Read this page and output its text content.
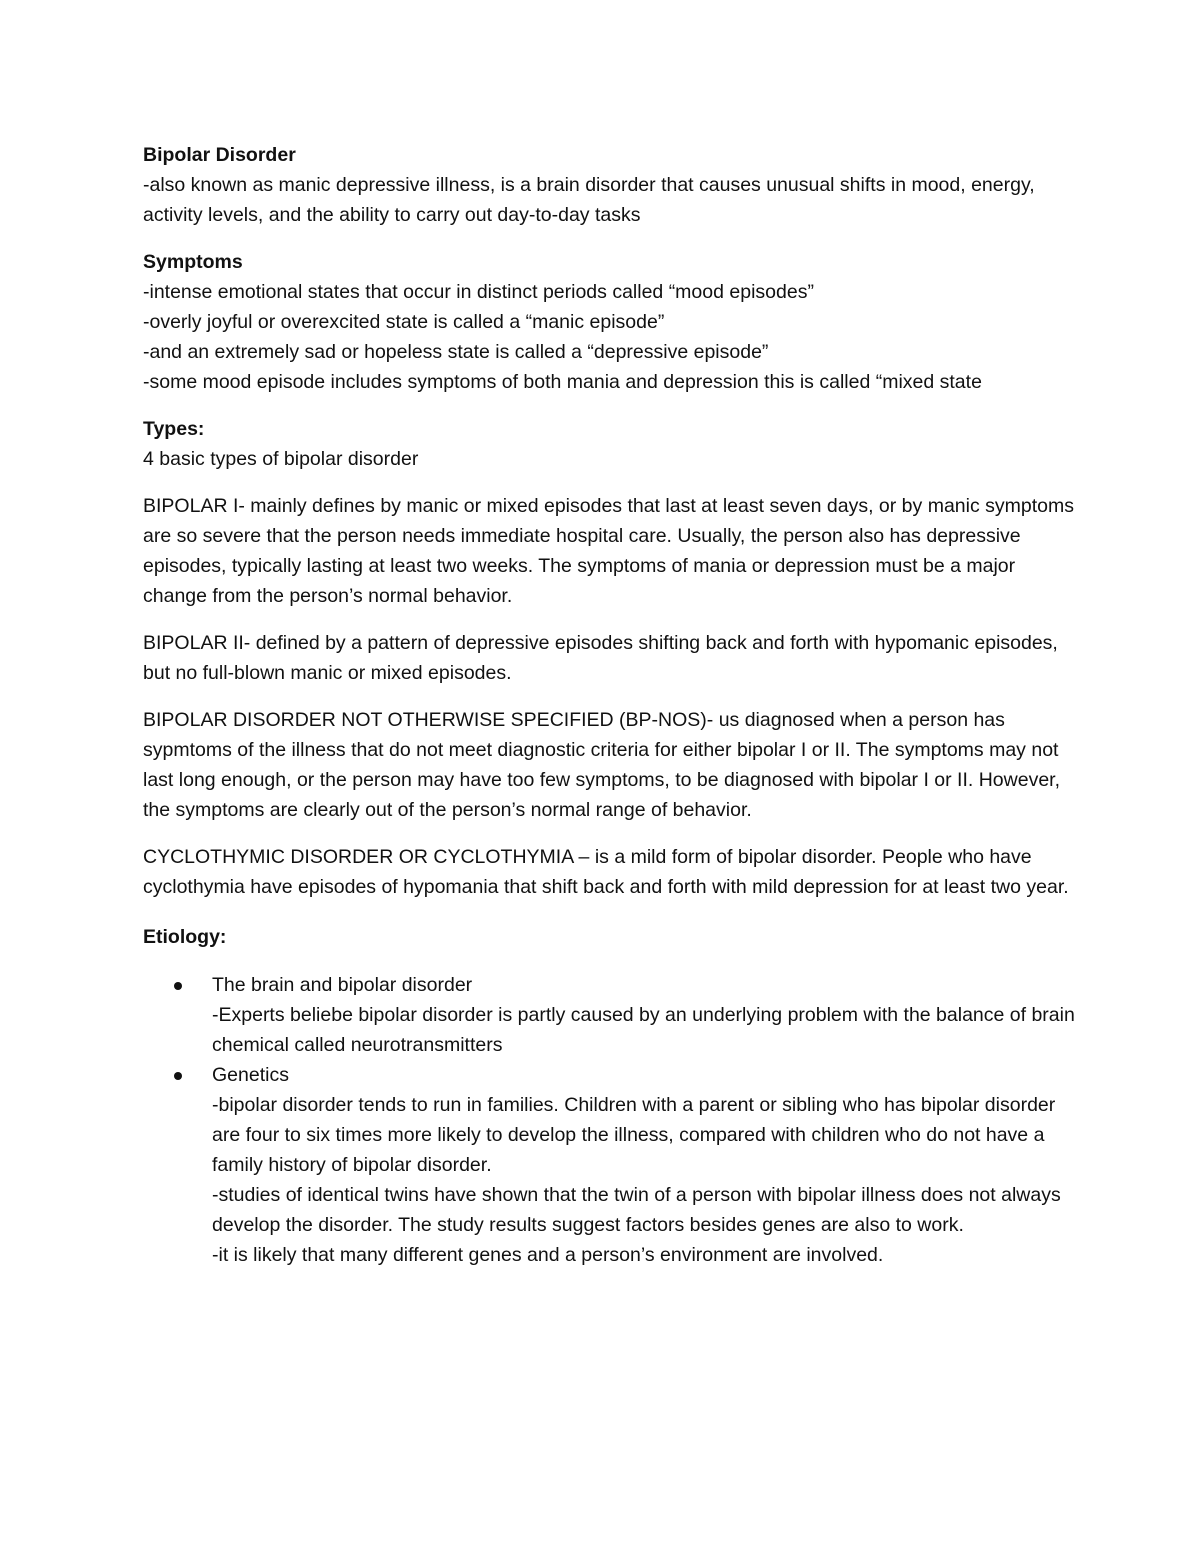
Bipolar Disorder

-also known as manic depressive illness, is a brain disorder that causes unusual shifts in mood, energy, activity levels, and the ability to carry out day-to-day tasks

Symptoms

-intense emotional states that occur in distinct periods called “mood episodes”

-overly joyful or overexcited state is called a “manic episode”

-and an extremely sad or hopeless state is called a “depressive episode”

-some mood episode includes symptoms of both mania and depression this is called “mixed state

Types:

4 basic types of bipolar disorder

BIPOLAR I- mainly defines by manic or mixed episodes that last at least seven days, or by manic symptoms are so severe that the person needs immediate hospital care. Usually, the person also has depressive episodes, typically lasting at least two weeks. The symptoms of mania or depression must be a major change from the person’s normal behavior.

BIPOLAR II- defined by a pattern of depressive episodes shifting back and forth with hypomanic episodes, but no full-blown manic or mixed episodes.

BIPOLAR DISORDER NOT OTHERWISE SPECIFIED (BP-NOS)- us diagnosed when a person has sypmtoms of the illness that do not meet diagnostic criteria for either bipolar I or II. The symptoms may not last long enough, or the person may have too few symptoms, to be diagnosed with bipolar I or II. However, the symptoms are clearly out of the person’s normal range of behavior.

CYCLOTHYMIC DISORDER OR CYCLOTHYMIA – is a mild form of bipolar disorder. People who have cyclothymia have episodes of hypomania that shift back and forth with mild depression for at least two year.

Etiology:

The brain and bipolar disorder

-Experts beliebe bipolar disorder is partly caused by an underlying problem with the balance of brain chemical called neurotransmitters

Genetics

-bipolar disorder tends to run in families. Children with a parent or sibling who has bipolar disorder are four to six times more likely to develop the illness, compared with children who do not have a family history of bipolar disorder.

-studies of identical twins have shown that the twin of a person with bipolar illness does not always develop the disorder. The study results suggest factors besides genes are also to work.

-it is likely that many different genes and a person’s environment are involved.
